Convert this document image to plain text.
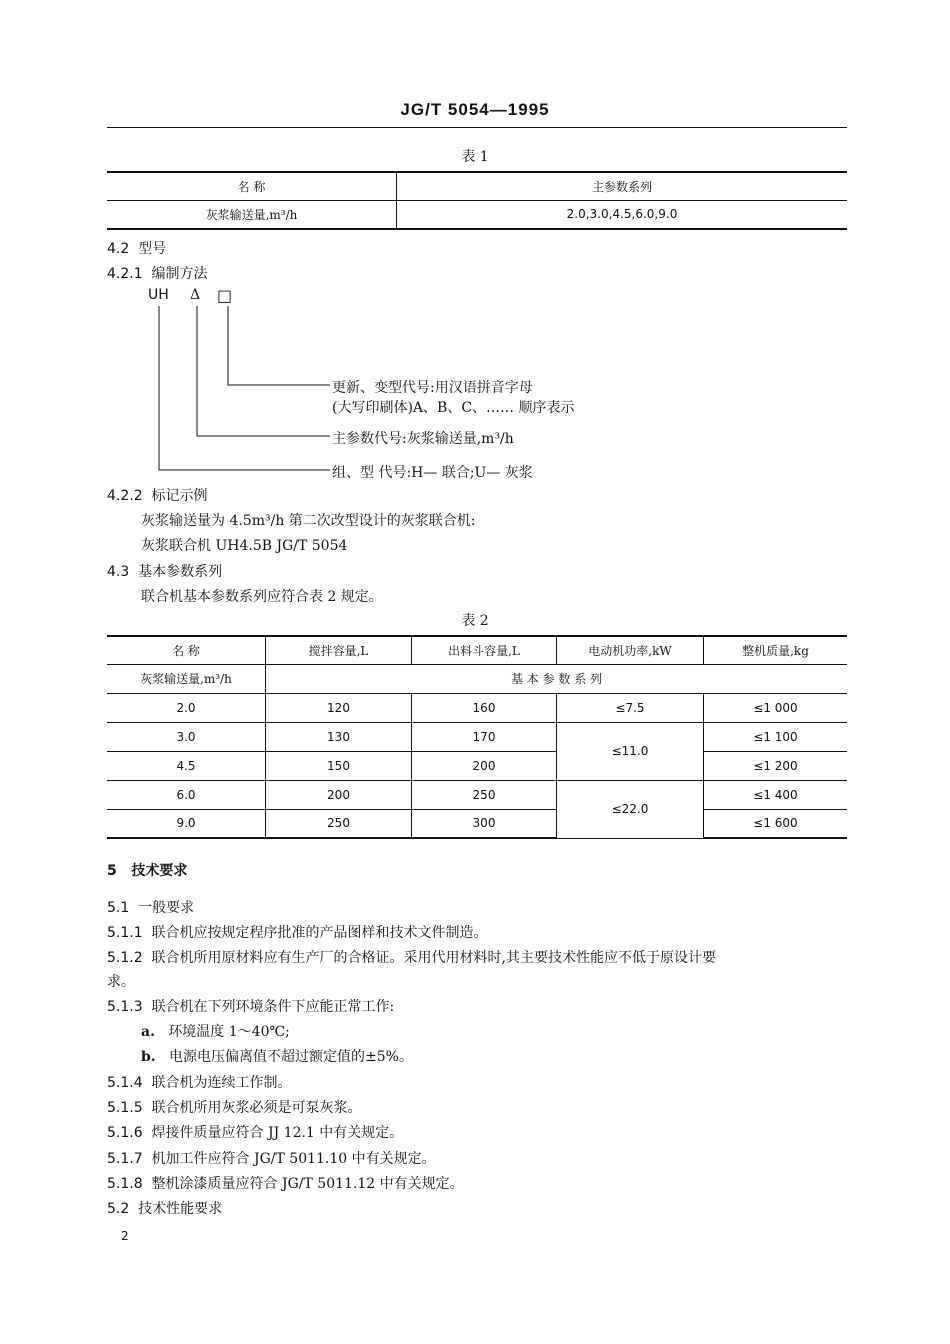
JG/T 5054—1995
表 1
名 称	主参数系列
灰浆输送量,m³/h	2.0,3.0,4.5,6.0,9.0
4.2 型号
4.2.1 编制方法
UH Δ □
更新、变型代号:用汉语拼音字母
(大写印刷体)A、B、C、…… 顺序表示
主参数代号:灰浆输送量,m³/h
组、型 代号:H— 联合;U— 灰浆
4.2.2 标记示例
灰浆输送量为 4.5m³/h 第二次改型设计的灰浆联合机:
灰浆联合机 UH4.5B JG/T 5054
4.3 基本参数系列
联合机基本参数系列应符合表 2 规定。
表 2
名 称	搅拌容量,L	出料斗容量,L	电动机功率,kW	整机质量,kg
灰浆输送量,m³/h	基 本 参 数 系 列			
2.0	120	160	≤7.5	≤1 000
3.0	130	170	≤11.0	≤1 100
4.5	150	200		≤1 200
6.0	200	250	≤22.0	≤1 400
9.0	250	300		≤1 600
5 技术要求
5.1 一般要求
5.1.1 联合机应按规定程序批准的产品图样和技术文件制造。
5.1.2 联合机所用原材料应有生产厂的合格证。采用代用材料时,其主要技术性能应不低于原设计要
求。
5.1.3 联合机在下列环境条件下应能正常工作:
a. 环境温度 1～40℃;
b. 电源电压偏离值不超过额定值的±5%。
5.1.4 联合机为连续工作制。
5.1.5 联合机所用灰浆必须是可泵灰浆。
5.1.6 焊接件质量应符合 JJ 12.1 中有关规定。
5.1.7 机加工件应符合 JG/T 5011.10 中有关规定。
5.1.8 整机涂漆质量应符合 JG/T 5011.12 中有关规定。
5.2 技术性能要求
2
